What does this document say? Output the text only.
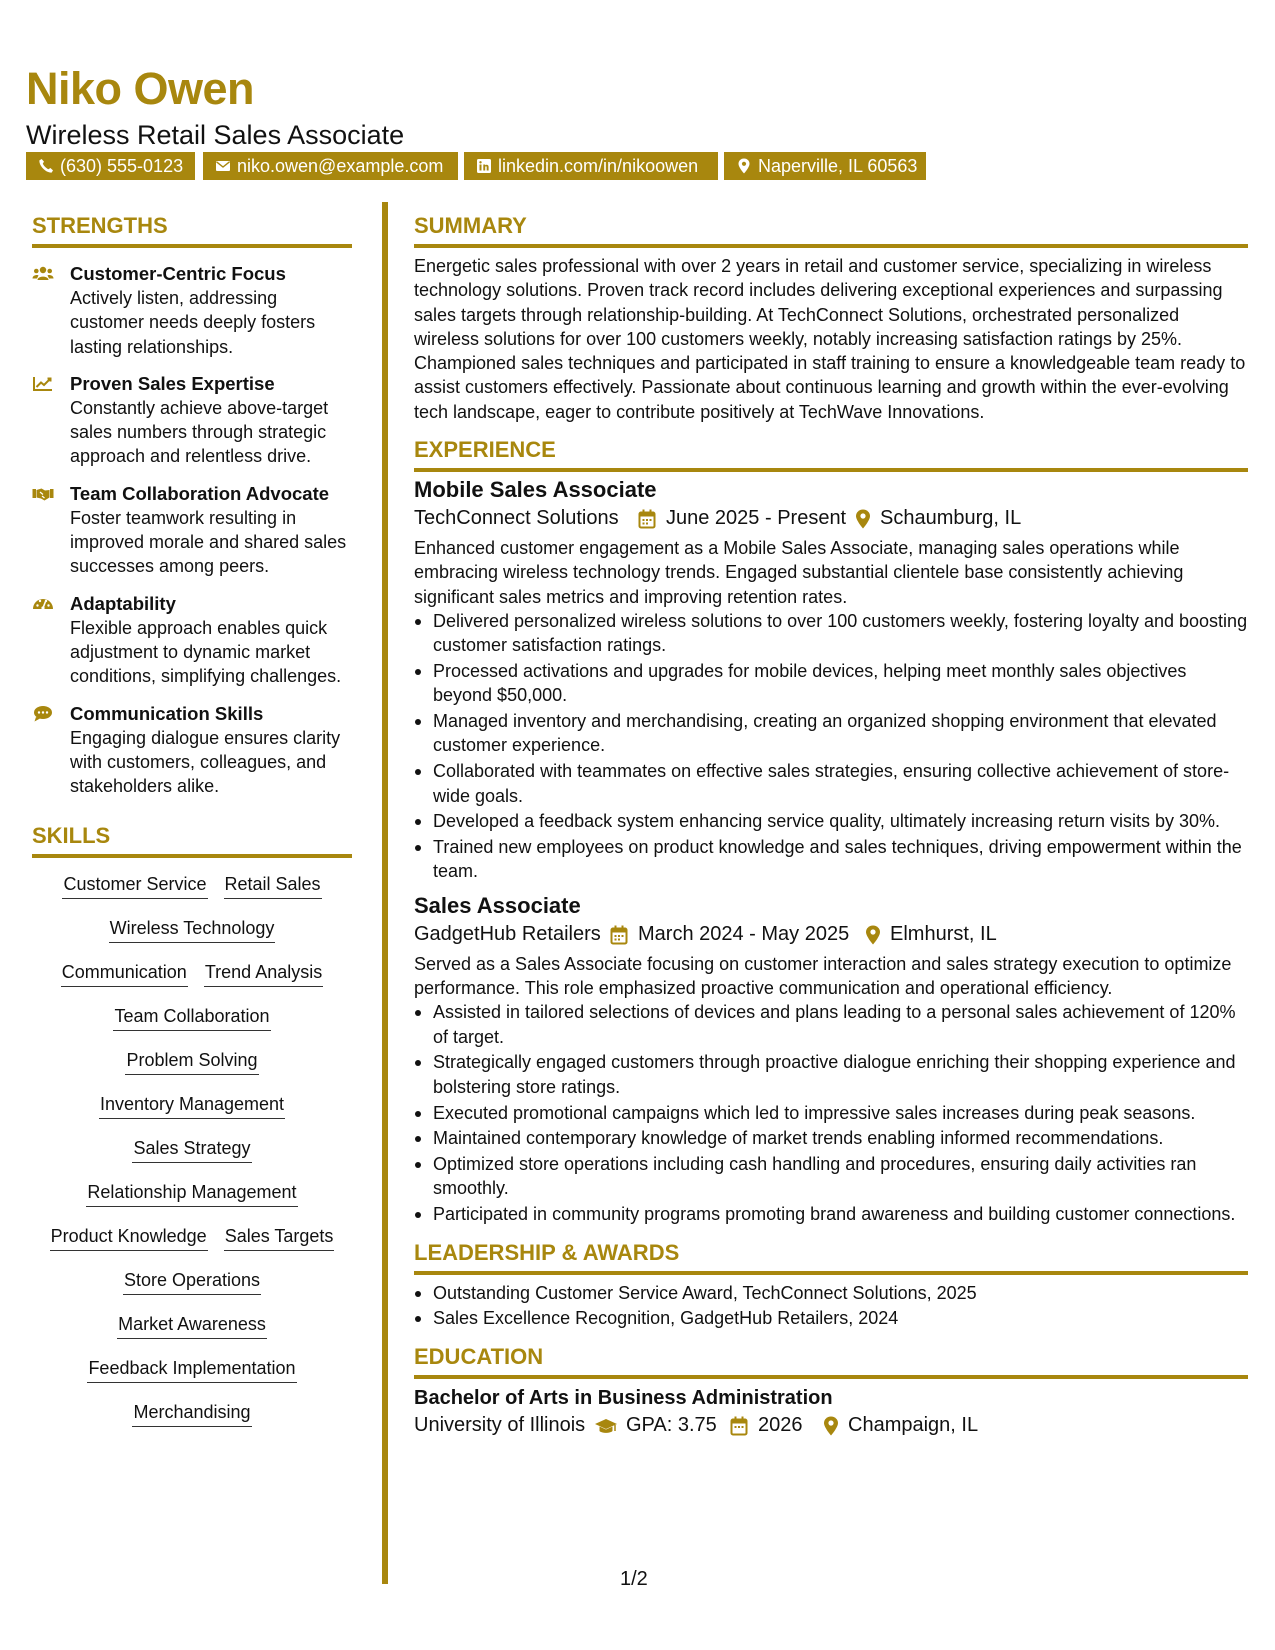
Niko Owen
Wireless Retail Sales Associate
(630) 555-0123	niko.owen@example.com	linkedin.com/in/nikoowen	Naperville, IL 60563
STRENGTHS
Customer-Centric Focus
Actively listen, addressing customer needs deeply fosters lasting relationships.
Proven Sales Expertise
Constantly achieve above-target sales numbers through strategic approach and relentless drive.
Team Collaboration Advocate
Foster teamwork resulting in improved morale and shared sales successes among peers.
Adaptability
Flexible approach enables quick adjustment to dynamic market conditions, simplifying challenges.
Communication Skills
Engaging dialogue ensures clarity with customers, colleagues, and stakeholders alike.
SKILLS
Customer Service Retail Sales
Wireless Technology
Communication Trend Analysis
Team Collaboration
Problem Solving
Inventory Management
Sales Strategy
Relationship Management
Product Knowledge Sales Targets
Store Operations
Market Awareness
Feedback Implementation
Merchandising
SUMMARY
Energetic sales professional with over 2 years in retail and customer service, specializing in wireless technology solutions. Proven track record includes delivering exceptional experiences and surpassing sales targets through relationship-building. At TechConnect Solutions, orchestrated personalized wireless solutions for over 100 customers weekly, notably increasing satisfaction ratings by 25%. Championed sales techniques and participated in staff training to ensure a knowledgeable team ready to assist customers effectively. Passionate about continuous learning and growth within the ever-evolving tech landscape, eager to contribute positively at TechWave Innovations.
EXPERIENCE
Mobile Sales Associate
TechConnect Solutions June 2025 - Present Schaumburg, IL
Enhanced customer engagement as a Mobile Sales Associate, managing sales operations while embracing wireless technology trends. Engaged substantial clientele base consistently achieving significant sales metrics and improving retention rates.
Delivered personalized wireless solutions to over 100 customers weekly, fostering loyalty and boosting customer satisfaction ratings.
Processed activations and upgrades for mobile devices, helping meet monthly sales objectives beyond $50,000.
Managed inventory and merchandising, creating an organized shopping environment that elevated customer experience.
Collaborated with teammates on effective sales strategies, ensuring collective achievement of store-wide goals.
Developed a feedback system enhancing service quality, ultimately increasing return visits by 30%.
Trained new employees on product knowledge and sales techniques, driving empowerment within the team.
Sales Associate
GadgetHub Retailers March 2024 - May 2025 Elmhurst, IL
Served as a Sales Associate focusing on customer interaction and sales strategy execution to optimize performance. This role emphasized proactive communication and operational efficiency.
Assisted in tailored selections of devices and plans leading to a personal sales achievement of 120% of target.
Strategically engaged customers through proactive dialogue enriching their shopping experience and bolstering store ratings.
Executed promotional campaigns which led to impressive sales increases during peak seasons.
Maintained contemporary knowledge of market trends enabling informed recommendations.
Optimized store operations including cash handling and procedures, ensuring daily activities ran smoothly.
Participated in community programs promoting brand awareness and building customer connections.
LEADERSHIP & AWARDS
Outstanding Customer Service Award, TechConnect Solutions, 2025
Sales Excellence Recognition, GadgetHub Retailers, 2024
EDUCATION
Bachelor of Arts in Business Administration
University of Illinois GPA: 3.75 2026 Champaign, IL
1/2
